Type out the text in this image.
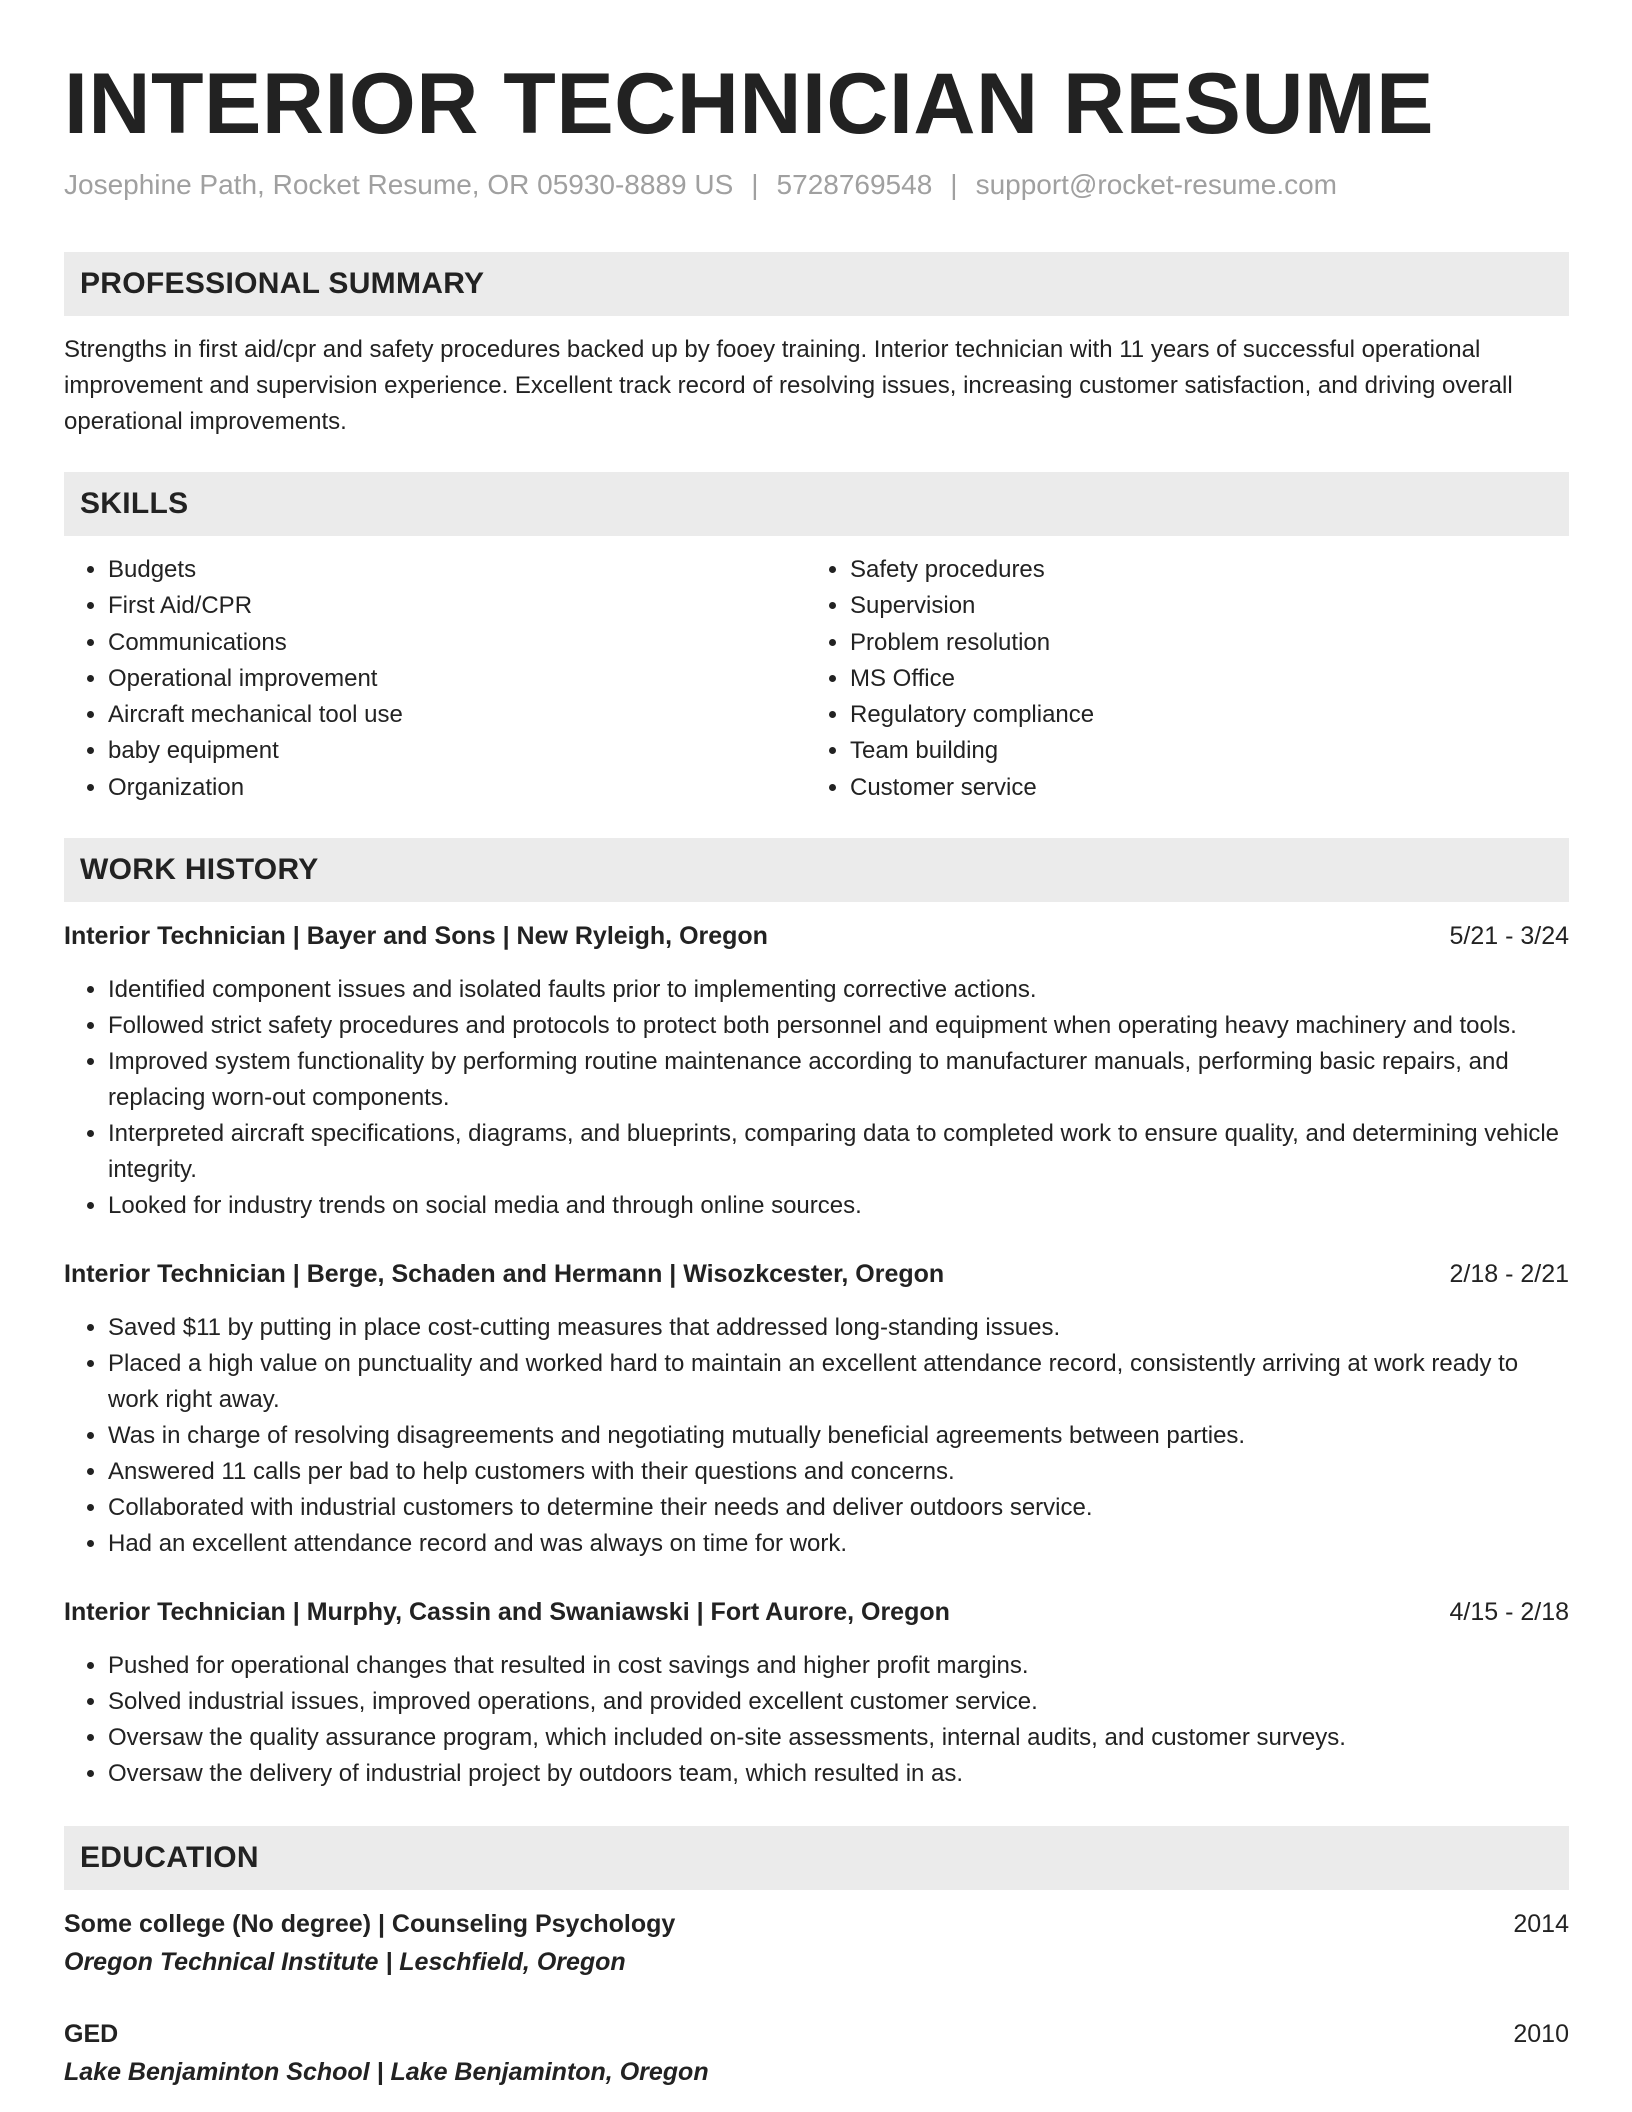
INTERIOR TECHNICIAN RESUME
Josephine Path, Rocket Resume, OR 05930-8889 US | 5728769548 | support@rocket-resume.com
PROFESSIONAL SUMMARY
Strengths in first aid/cpr and safety procedures backed up by fooey training. Interior technician with 11 years of successful operational improvement and supervision experience. Excellent track record of resolving issues, increasing customer satisfaction, and driving overall operational improvements.
SKILLS
• Budgets
• First Aid/CPR
• Communications
• Operational improvement
• Aircraft mechanical tool use
• baby equipment
• Organization
• Safety procedures
• Supervision
• Problem resolution
• MS Office
• Regulatory compliance
• Team building
• Customer service
WORK HISTORY
Interior Technician | Bayer and Sons | New Ryleigh, Oregon	5/21 - 3/24
• Identified component issues and isolated faults prior to implementing corrective actions.
• Followed strict safety procedures and protocols to protect both personnel and equipment when operating heavy machinery and tools.
• Improved system functionality by performing routine maintenance according to manufacturer manuals, performing basic repairs, and replacing worn-out components.
• Interpreted aircraft specifications, diagrams, and blueprints, comparing data to completed work to ensure quality, and determining vehicle integrity.
• Looked for industry trends on social media and through online sources.
Interior Technician | Berge, Schaden and Hermann | Wisozkcester, Oregon	2/18 - 2/21
• Saved $11 by putting in place cost-cutting measures that addressed long-standing issues.
• Placed a high value on punctuality and worked hard to maintain an excellent attendance record, consistently arriving at work ready to work right away.
• Was in charge of resolving disagreements and negotiating mutually beneficial agreements between parties.
• Answered 11 calls per bad to help customers with their questions and concerns.
• Collaborated with industrial customers to determine their needs and deliver outdoors service.
• Had an excellent attendance record and was always on time for work.
Interior Technician | Murphy, Cassin and Swaniawski | Fort Aurore, Oregon	4/15 - 2/18
• Pushed for operational changes that resulted in cost savings and higher profit margins.
• Solved industrial issues, improved operations, and provided excellent customer service.
• Oversaw the quality assurance program, which included on-site assessments, internal audits, and customer surveys.
• Oversaw the delivery of industrial project by outdoors team, which resulted in as.
EDUCATION
Some college (No degree) | Counseling Psychology	2014
Oregon Technical Institute | Leschfield, Oregon
GED	2010
Lake Benjaminton School | Lake Benjaminton, Oregon
